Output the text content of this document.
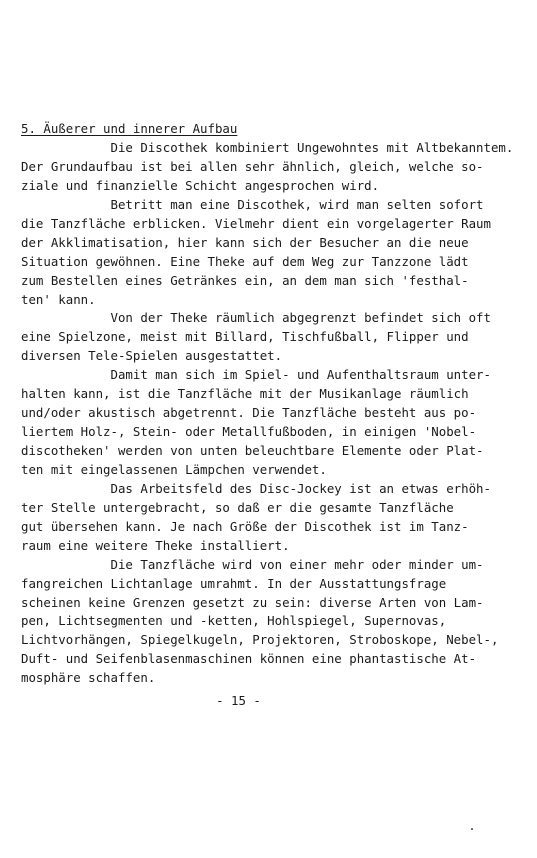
5. Äußerer und innerer Aufbau
Die Discothek kombiniert Ungewohntes mit Altbekanntem.
Der Grundaufbau ist bei allen sehr ähnlich, gleich, welche so-
ziale und finanzielle Schicht angesprochen wird.
Betritt man eine Discothek, wird man selten sofort
die Tanzfläche erblicken. Vielmehr dient ein vorgelagerter Raum
der Akklimatisation, hier kann sich der Besucher an die neue
Situation gewöhnen. Eine Theke auf dem Weg zur Tanzzone lädt
zum Bestellen eines Getränkes ein, an dem man sich 'festhal-
ten' kann.
Von der Theke räumlich abgegrenzt befindet sich oft
eine Spielzone, meist mit Billard, Tischfußball, Flipper und
diversen Tele-Spielen ausgestattet.
Damit man sich im Spiel- und Aufenthaltsraum unter-
halten kann, ist die Tanzfläche mit der Musikanlage räumlich
und/oder akustisch abgetrennt. Die Tanzfläche besteht aus po-
liertem Holz-, Stein- oder Metallfußboden, in einigen 'Nobel-
discotheken' werden von unten beleuchtbare Elemente oder Plat-
ten mit eingelassenen Lämpchen verwendet.
Das Arbeitsfeld des Disc-Jockey ist an etwas erhöh-
ter Stelle untergebracht, so daß er die gesamte Tanzfläche
gut übersehen kann. Je nach Größe der Discothek ist im Tanz-
raum eine weitere Theke installiert.
Die Tanzfläche wird von einer mehr oder minder um-
fangreichen Lichtanlage umrahmt. In der Ausstattungsfrage
scheinen keine Grenzen gesetzt zu sein: diverse Arten von Lam-
pen, Lichtsegmenten und -ketten, Hohlspiegel, Supernovas,
Lichtvorhängen, Spiegelkugeln, Projektoren, Stroboskope, Nebel-,
Duft- und Seifenblasenmaschinen können eine phantastische At-
mosphäre schaffen.
- 15 -
